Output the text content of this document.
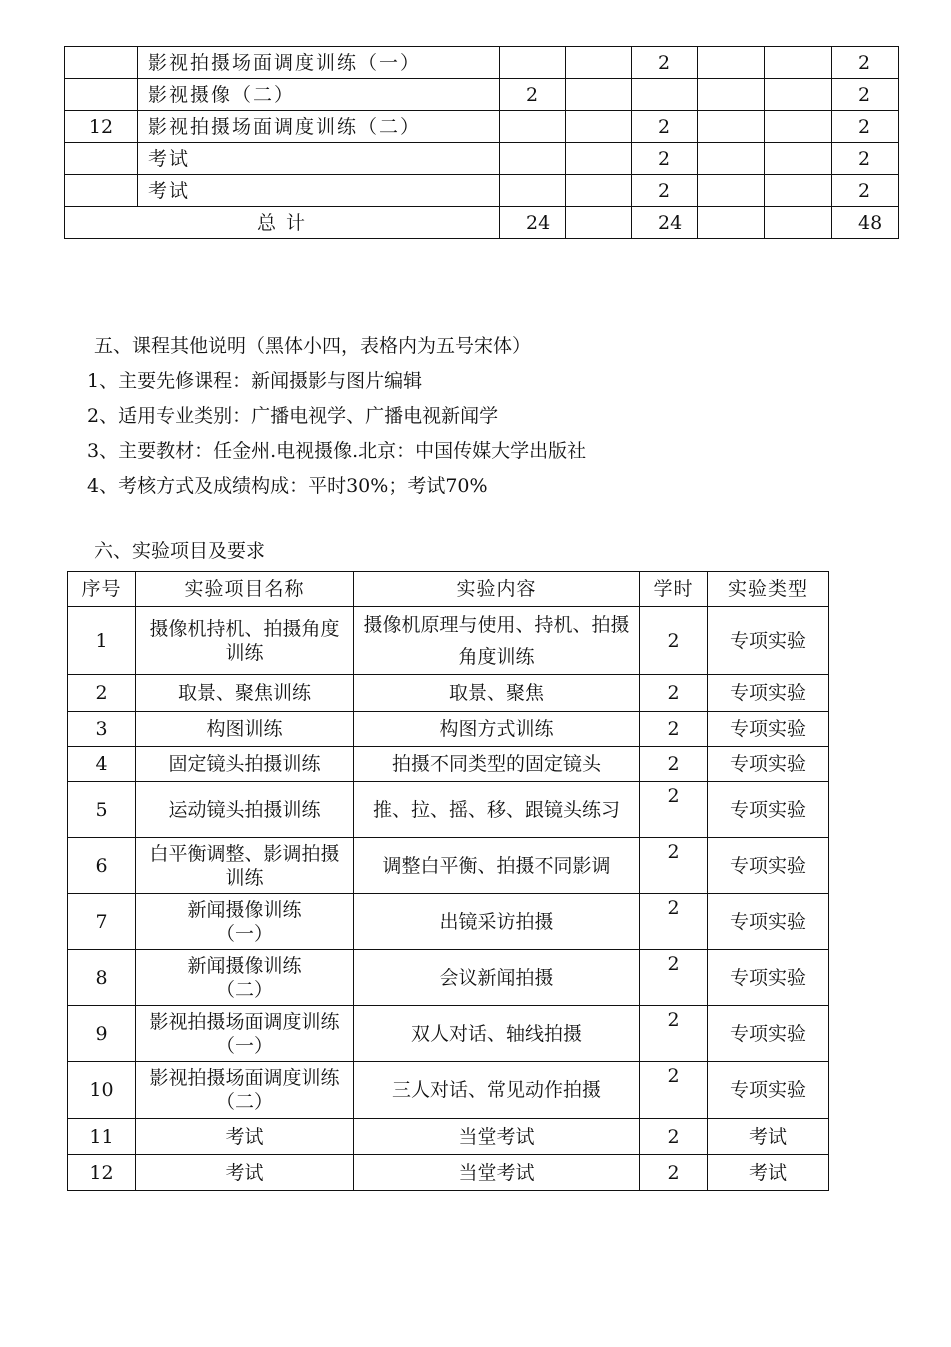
	影视拍摄场面调度训练（一）			2			2
	影视摄像（二）	2					2
12	影视拍摄场面调度训练（二）			2			2
	考试			2			2
	考试			2			2
总 计		24		24			48
五、课程其他说明（黑体小四，表格内为五号宋体）
1、主要先修课程：新闻摄影与图片编辑
2、适用专业类别：广播电视学、广播电视新闻学
3、主要教材：任金州.电视摄像.北京：中国传媒大学出版社
4、考核方式及成绩构成：平时30%；考试70%
六、实验项目及要求
序号	实验项目名称	实验内容	学时	实验类型
1	摄像机持机、拍摄角度训练	摄像机原理与使用、持机、拍摄角度训练	2	专项实验
2	取景、聚焦训练	取景、聚焦	2	专项实验
3	构图训练	构图方式训练	2	专项实验
4	固定镜头拍摄训练	拍摄不同类型的固定镜头	2	专项实验
5	运动镜头拍摄训练	推、拉、摇、移、跟镜头练习	2	专项实验
6	白平衡调整、影调拍摄训练	调整白平衡、拍摄不同影调	2	专项实验
7	新闻摄像训练（一）	出镜采访拍摄	2	专项实验
8	新闻摄像训练（二）	会议新闻拍摄	2	专项实验
9	影视拍摄场面调度训练（一）	双人对话、轴线拍摄	2	专项实验
10	影视拍摄场面调度训练（二）	三人对话、常见动作拍摄	2	专项实验
11	考试	当堂考试	2	考试
12	考试	当堂考试	2	考试
